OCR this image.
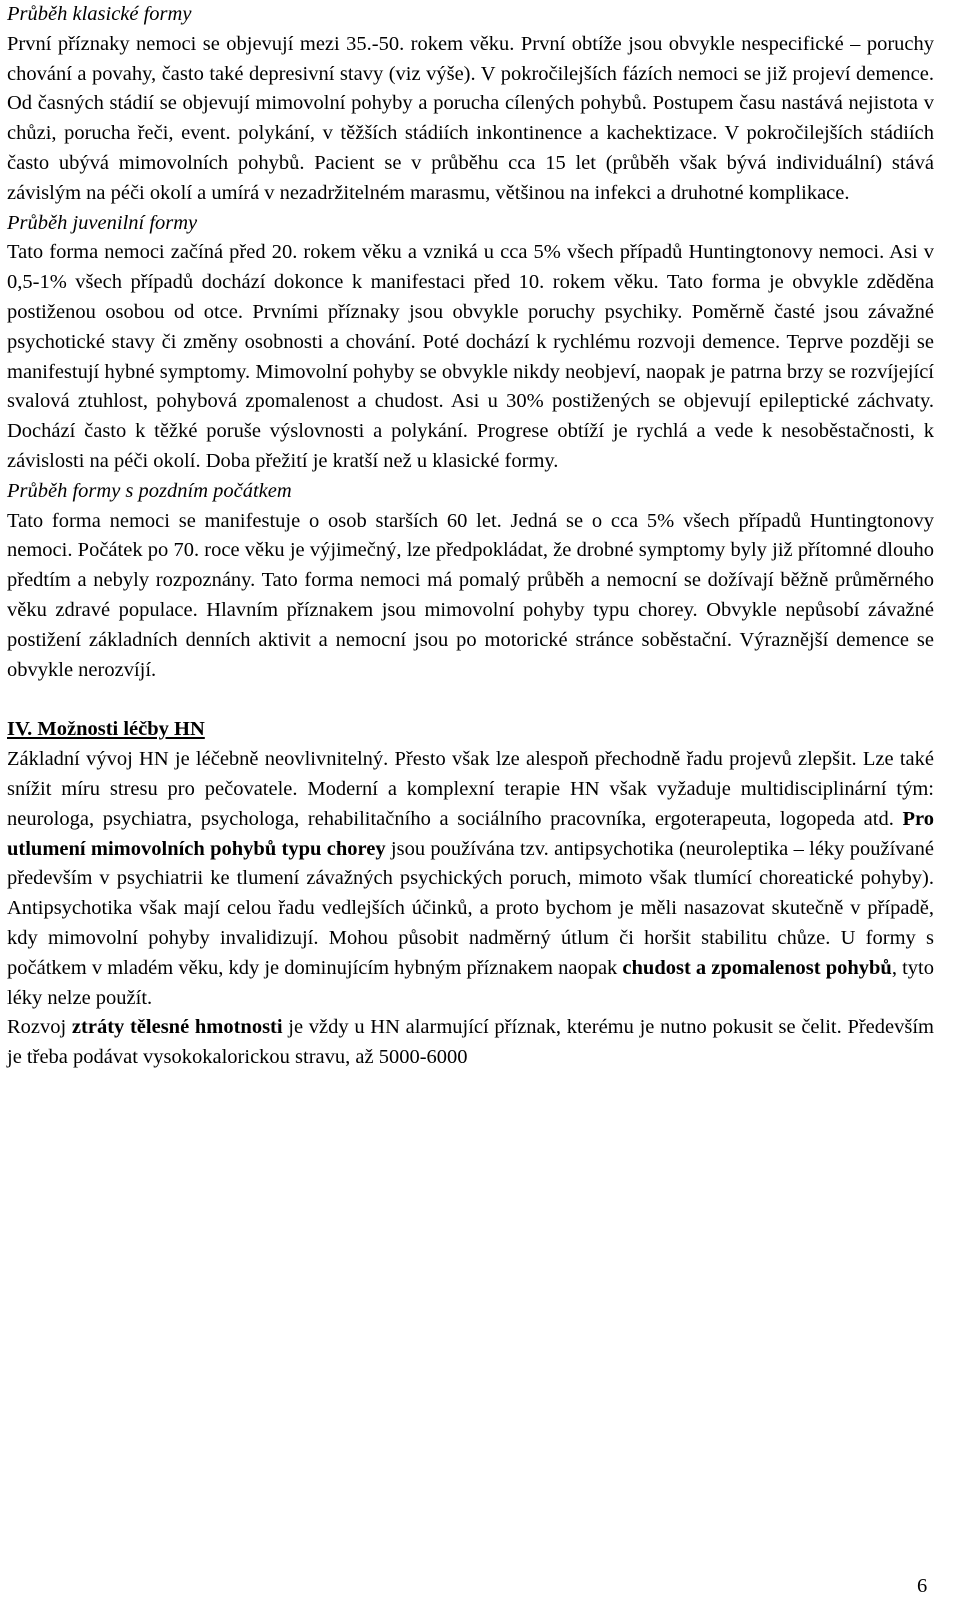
Průběh klasické formy

První příznaky nemoci se objevují mezi 35.-50. rokem věku. První obtíže jsou obvykle nespecifické – poruchy chování a povahy, často také depresivní stavy (viz výše). V pokročilejších fázích nemoci se již projeví demence. Od časných stádií se objevují mimovolní pohyby a porucha cílených pohybů. Postupem času nastává nejistota v chůzi, porucha řeči, event. polykání, v těžších stádiích inkontinence a kachektizace. V pokročilejších stádiích často ubývá mimovolních pohybů. Pacient se v průběhu cca 15 let (průběh však bývá individuální) stává závislým na péči okolí a umírá v nezadržitelném marasmu, většinou na infekci a druhotné komplikace.

Průběh juvenilní formy

Tato forma nemoci začíná před 20. rokem věku a vzniká u cca 5% všech případů Huntingtonovy nemoci. Asi v 0,5-1% všech případů dochází dokonce k manifestaci před 10. rokem věku. Tato forma je obvykle zděděna postiženou osobou od otce. Prvními příznaky jsou obvykle poruchy psychiky. Poměrně časté jsou závažné psychotické stavy či změny osobnosti a chování. Poté dochází k rychlému rozvoji demence. Teprve později se manifestují hybné symptomy. Mimovolní pohyby se obvykle nikdy neobjeví, naopak je patrna brzy se rozvíjející svalová ztuhlost, pohybová zpomalenost a chudost. Asi u 30% postižených se objevují epileptické záchvaty. Dochází často k těžké poruše výslovnosti a polykání. Progrese obtíží je rychlá a vede k nesoběstačnosti, k závislosti na péči okolí. Doba přežití je kratší než u klasické formy.

Průběh formy s pozdním počátkem

Tato forma nemoci se manifestuje o osob starších 60 let. Jedná se o cca 5% všech případů Huntingtonovy nemoci. Počátek po 70. roce věku je výjimečný, lze předpokládat, že drobné symptomy byly již přítomné dlouho předtím a nebyly rozpoznány. Tato forma nemoci má pomalý průběh a nemocní se dožívají běžně průměrného věku zdravé populace. Hlavním příznakem jsou mimovolní pohyby typu chorey. Obvykle nepůsobí závažné postižení základních denních aktivit a nemocní jsou po motorické stránce soběstační. Výraznější demence se obvykle nerozvíjí.

IV. Možnosti léčby HN

Základní vývoj HN je léčebně neovlivnitelný. Přesto však lze alespoň přechodně řadu projevů zlepšit. Lze také snížit míru stresu pro pečovatele. Moderní a komplexní terapie HN však vyžaduje multidisciplinární tým: neurologa, psychiatra, psychologa, rehabilitačního a sociálního pracovníka, ergoterapeuta, logopeda atd. Pro utlumení mimovolních pohybů typu chorey jsou používána tzv. antipsychotika (neuroleptika – léky používané především v psychiatrii ke tlumení závažných psychických poruch, mimoto však tlumící choreatické pohyby). Antipsychotika však mají celou řadu vedlejších účinků, a proto bychom je měli nasazovat skutečně v případě, kdy mimovolní pohyby invalidizují. Mohou působit nadměrný útlum či horšit stabilitu chůze. U formy s počátkem v mladém věku, kdy je dominujícím hybným příznakem naopak chudost a zpomalenost pohybů, tyto léky nelze použít.

Rozvoj ztráty tělesné hmotnosti je vždy u HN alarmující příznak, kterému je nutno pokusit se čelit. Především je třeba podávat vysokokalorickou stravu, až 5000-6000

6
